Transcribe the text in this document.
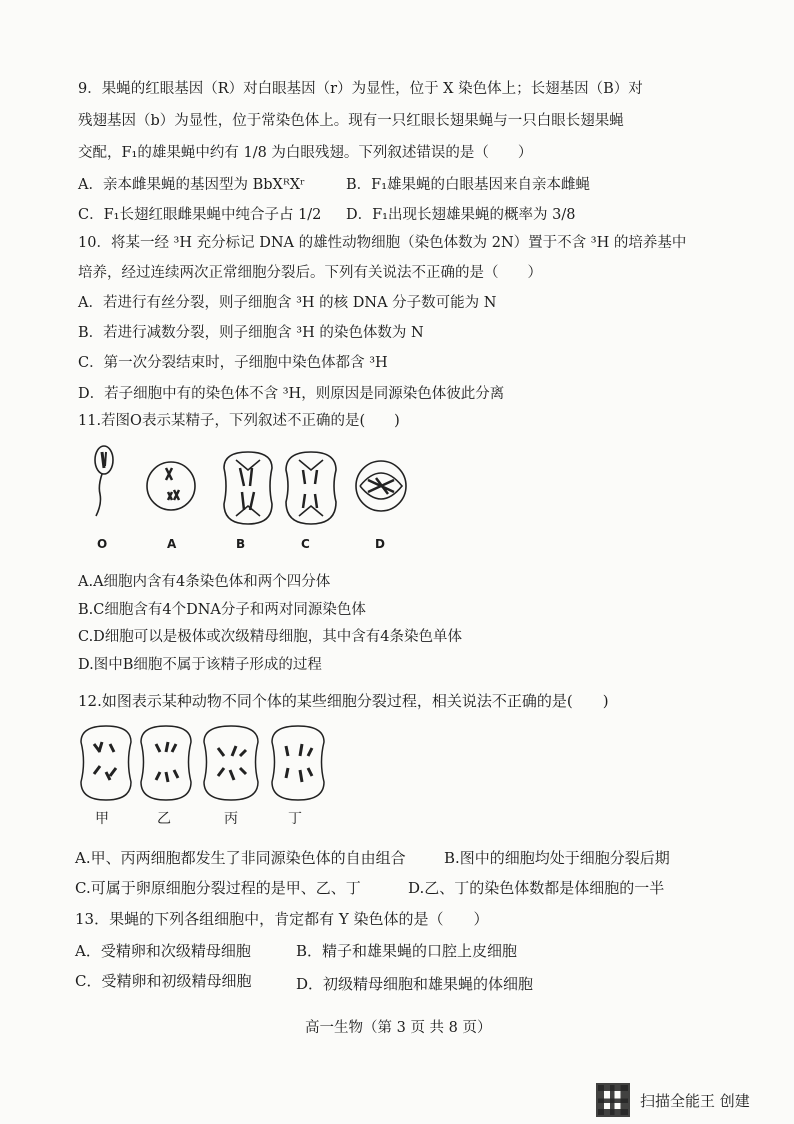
9．果蝇的红眼基因（R）对白眼基因（r）为显性，位于 X 染色体上；长翅基因（B）对
残翅基因（b）为显性，位于常染色体上。现有一只红眼长翅果蝇与一只白眼长翅果蝇
交配，F₁的雄果蝇中约有 1/8 为白眼残翅。下列叙述错误的是（　　）
A．亲本雌果蝇的基因型为 BbXᴿXʳ	B．F₁雄果蝇的白眼基因来自亲本雌蝇
C．F₁长翅红眼雌果蝇中纯合子占 1/2 D．F₁出现长翅雄果蝇的概率为 3/8
10．将某一经 ³H 充分标记 DNA 的雄性动物细胞（染色体数为 2N）置于不含 ³H 的培养基中
培养，经过连续两次正常细胞分裂后。下列有关说法不正确的是（　　）
A．若进行有丝分裂，则子细胞含 ³H 的核 DNA 分子数可能为 N
B．若进行减数分裂，则子细胞含 ³H 的染色体数为 N
C．第一次分裂结束时，子细胞中染色体都含 ³H
D．若子细胞中有的染色体不含 ³H，则原因是同源染色体彼此分离
11.若图O表示某精子，下列叙述不正确的是(　　)
O	A	B	C	D
A.A细胞内含有4条染色体和两个四分体
B.C细胞含有4个DNA分子和两对同源染色体
C.D细胞可以是极体或次级精母细胞，其中含有4条染色单体
D.图中B细胞不属于该精子形成的过程
12.如图表示某种动物不同个体的某些细胞分裂过程，相关说法不正确的是(　　)
甲	乙	丙	丁
A.甲、丙两细胞都发生了非同源染色体的自由组合	B.图中的细胞均处于细胞分裂后期
C.可属于卵原细胞分裂过程的是甲、乙、丁	D.乙、丁的染色体数都是体细胞的一半
13．果蝇的下列各组细胞中，肯定都有 Y 染色体的是（　　）
A．受精卵和次级精母细胞	B．精子和雄果蝇的口腔上皮细胞
C．受精卵和初级精母细胞	D．初级精母细胞和雄果蝇的体细胞
高一生物（第 3 页 共 8 页）
扫描全能王 创建
